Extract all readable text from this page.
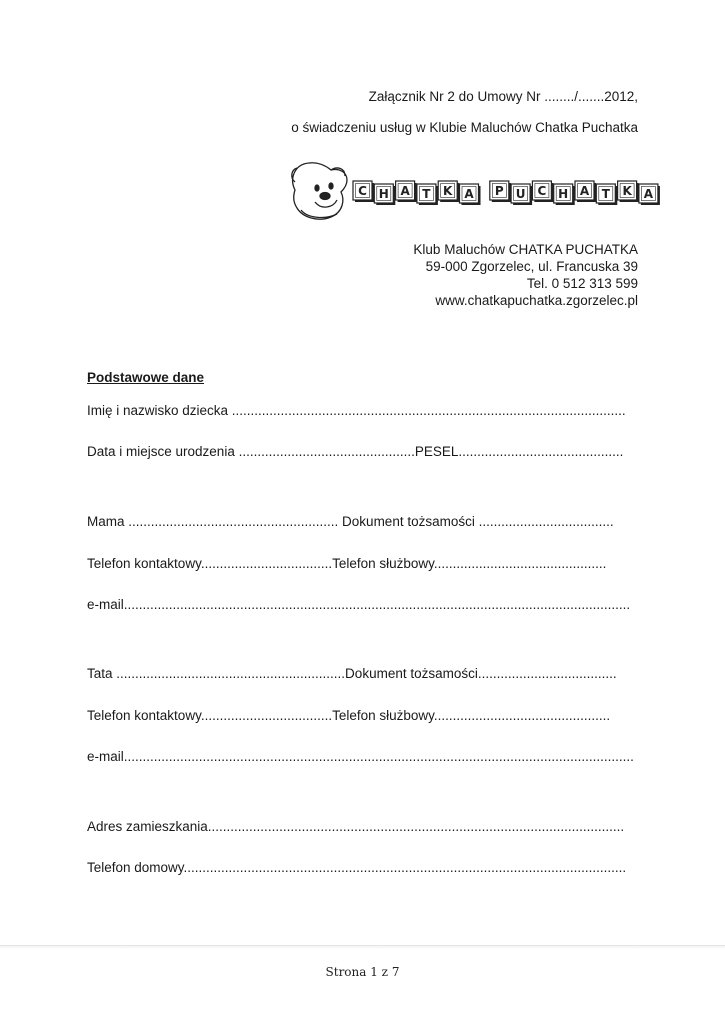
Załącznik Nr 2 do Umowy Nr ......../.......2012,
o świadczeniu usług w Klubie Maluchów Chatka Puchatka
C H A T K A P U C H A T K A
Klub Maluchów CHATKA PUCHATKA
59-000 Zgorzelec, ul. Francuska 39
Tel. 0 512 313 599
www.chatkapuchatka.zgorzelec.pl
Podstawowe dane
Imię i nazwisko dziecka .........................................................................................................
Data i miejsce urodzenia ...............................................PESEL............................................
Mama ........................................................ Dokument tożsamości ....................................
Telefon kontaktowy...................................Telefon służbowy..............................................
e-mail.......................................................................................................................................
Tata .............................................................Dokument tożsamości.....................................
Telefon kontaktowy...................................Telefon służbowy...............................................
e-mail........................................................................................................................................
Adres zamieszkania...............................................................................................................
Telefon domowy......................................................................................................................
Strona 1 z 7
